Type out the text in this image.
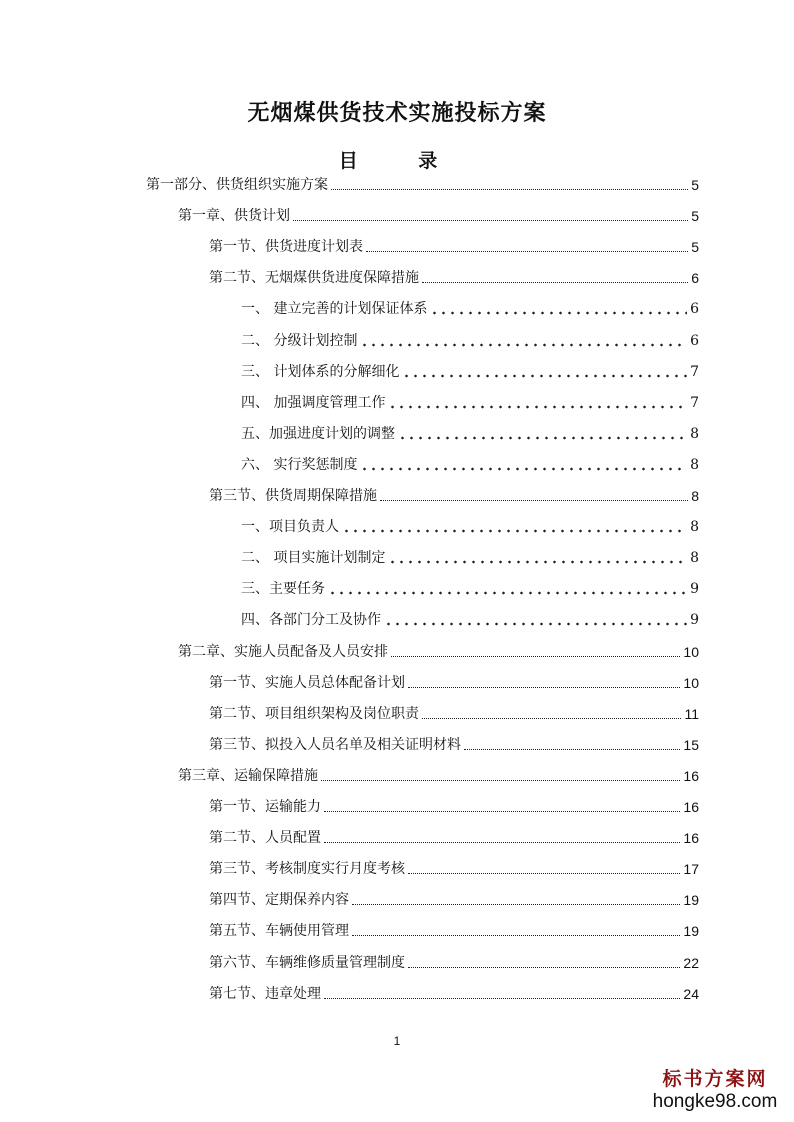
无烟煤供货技术实施投标方案
目 录
第一部分、供货组织实施方案	5
第一章、供货计划	5
第一节、供货进度计划表	5
第二节、无烟煤供货进度保障措施	6
一、 建立完善的计划保证体系	6
二、 分级计划控制	6
三、 计划体系的分解细化	7
四、 加强调度管理工作	7
五、加强进度计划的调整	8
六、 实行奖惩制度	8
第三节、供货周期保障措施	8
一、项目负责人	8
二、 项目实施计划制定	8
三、主要任务	9
四、各部门分工及协作	9
第二章、实施人员配备及人员安排	10
第一节、实施人员总体配备计划	10
第二节、项目组织架构及岗位职责	11
第三节、拟投入人员名单及相关证明材料	15
第三章、运输保障措施	16
第一节、运输能力	16
第二节、人员配置	16
第三节、考核制度实行月度考核	17
第四节、定期保养内容	19
第五节、车辆使用管理	19
第六节、车辆维修质量管理制度	22
第七节、违章处理	24
1
标书方案网
hongke98.com
